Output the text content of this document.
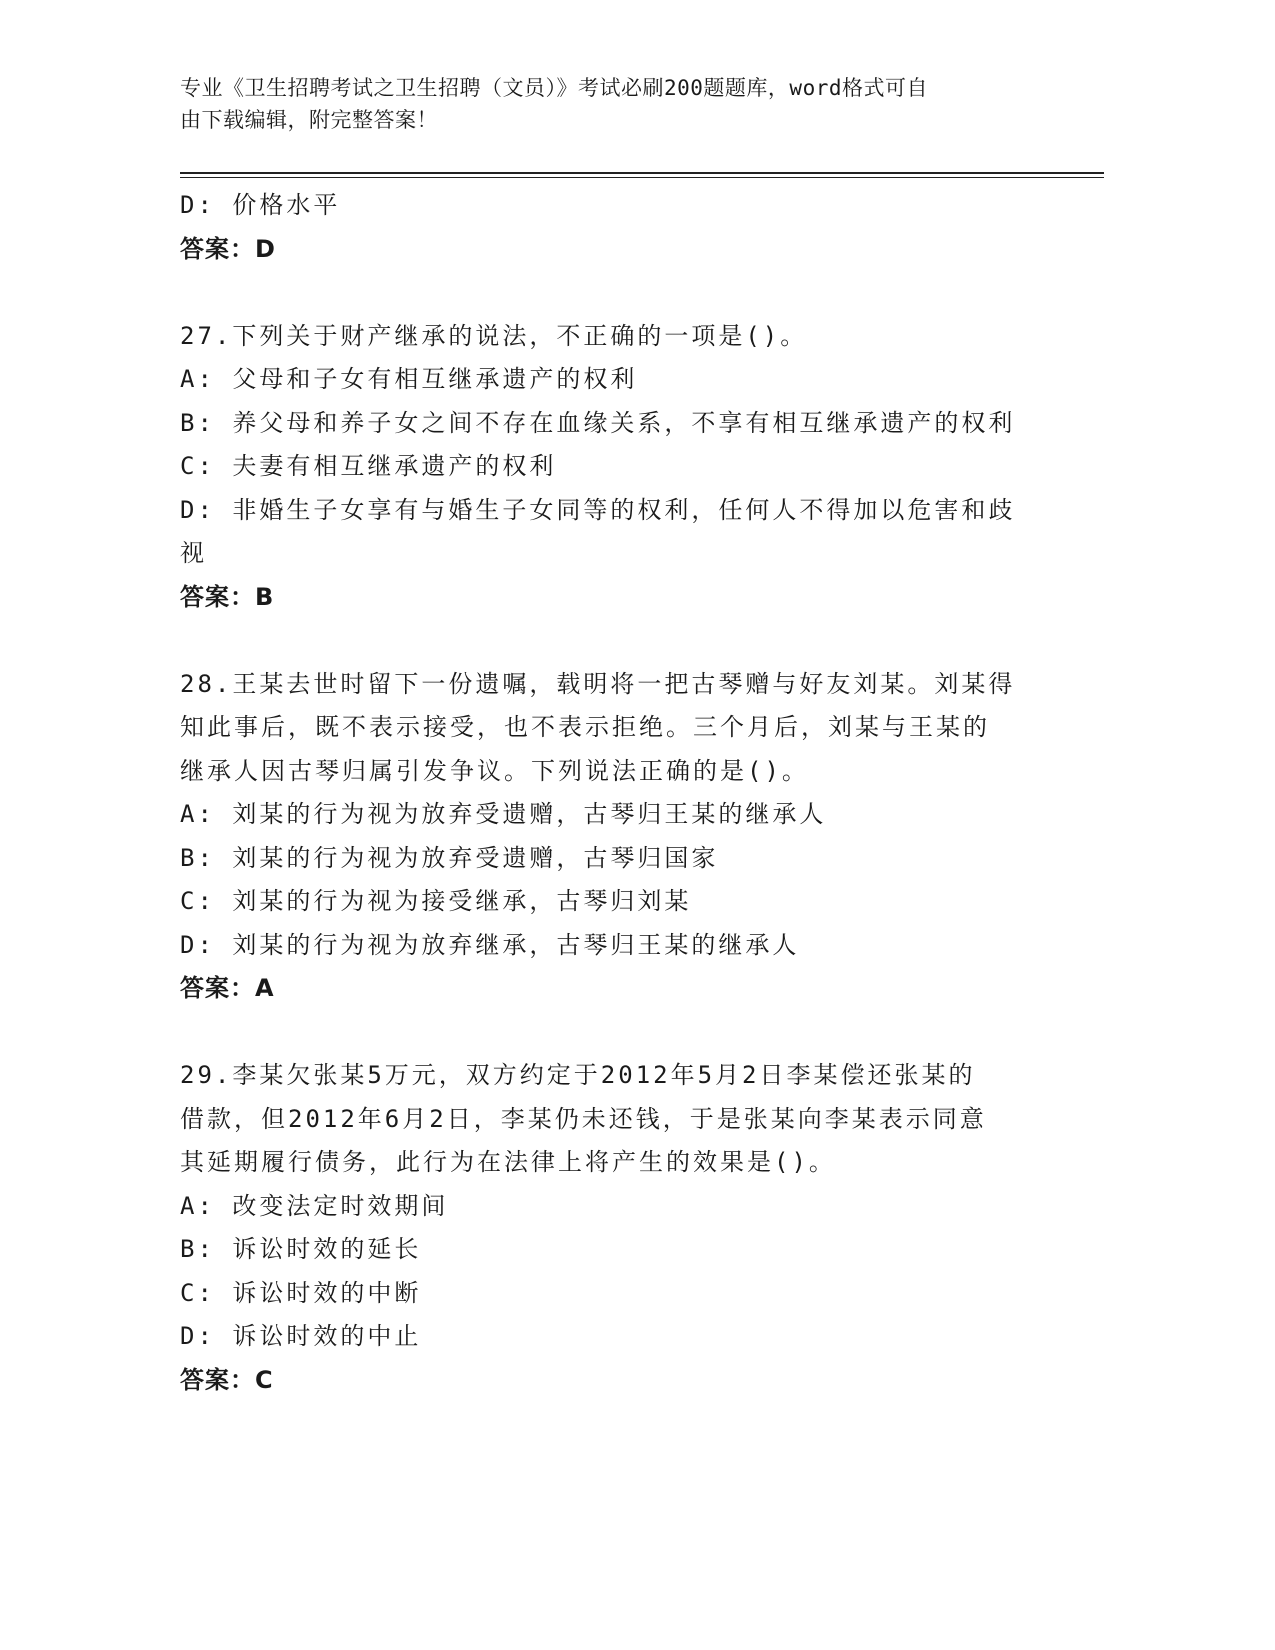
专业《卫生招聘考试之卫生招聘（文员）》考试必刷200题题库，word格式可自
由下载编辑，附完整答案！
D: 价格水平
答案：D
27.下列关于财产继承的说法，不正确的一项是()。
A: 父母和子女有相互继承遗产的权利
B: 养父母和养子女之间不存在血缘关系，不享有相互继承遗产的权利
C: 夫妻有相互继承遗产的权利
D: 非婚生子女享有与婚生子女同等的权利，任何人不得加以危害和歧
视
答案：B
28.王某去世时留下一份遗嘱，载明将一把古琴赠与好友刘某。刘某得
知此事后，既不表示接受，也不表示拒绝。三个月后，刘某与王某的
继承人因古琴归属引发争议。下列说法正确的是()。
A: 刘某的行为视为放弃受遗赠，古琴归王某的继承人
B: 刘某的行为视为放弃受遗赠，古琴归国家
C: 刘某的行为视为接受继承，古琴归刘某
D: 刘某的行为视为放弃继承，古琴归王某的继承人
答案：A
29.李某欠张某5万元，双方约定于2012年5月2日李某偿还张某的
借款，但2012年6月2日，李某仍未还钱，于是张某向李某表示同意
其延期履行债务，此行为在法律上将产生的效果是()。
A: 改变法定时效期间
B: 诉讼时效的延长
C: 诉讼时效的中断
D: 诉讼时效的中止
答案：C
